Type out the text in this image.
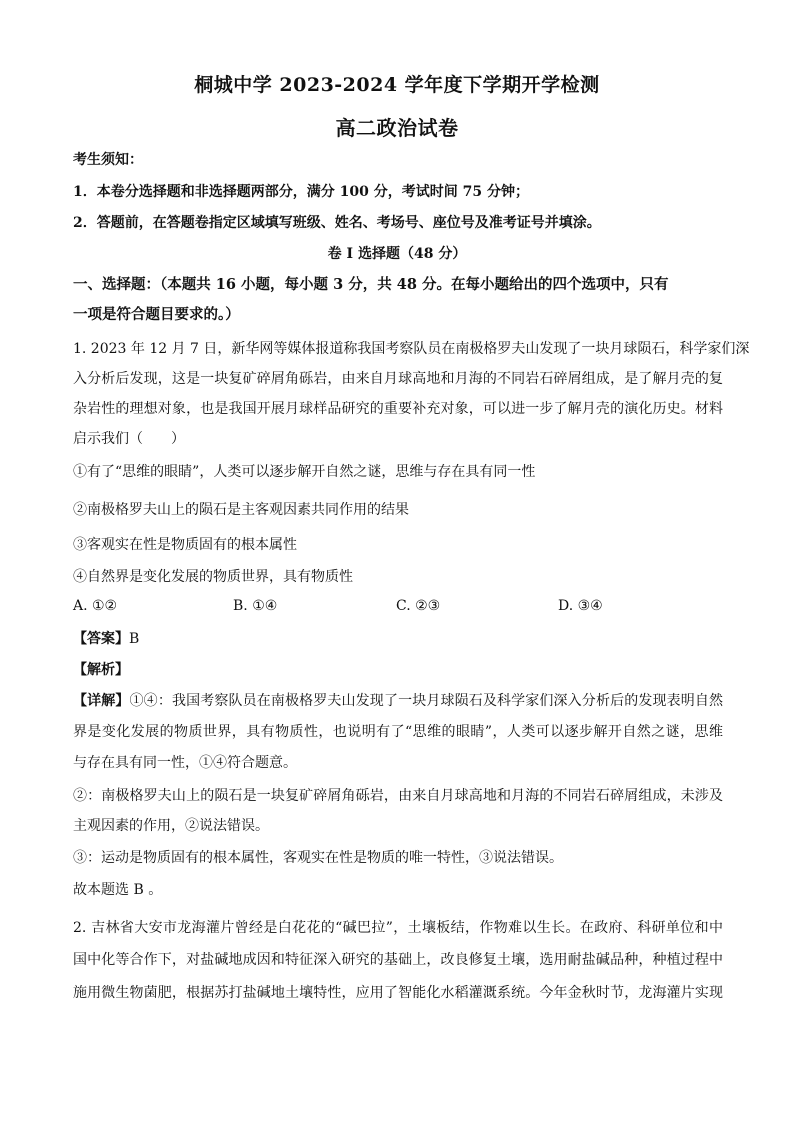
桐城中学 2023-2024 学年度下学期开学检测
高二政治试卷
考生须知：
1．本卷分选择题和非选择题两部分，满分 100 分，考试时间 75 分钟；
2．答题前，在答题卷指定区域填写班级、姓名、考场号、座位号及准考证号并填涂。
卷 I 选择题（48 分）
一、选择题：（本题共 16 小题，每小题 3 分，共 48 分。在每小题给出的四个选项中，只有
一项是符合题目要求的。）
1. 2023 年 12 月 7 日，新华网等媒体报道称我国考察队员在南极格罗夫山发现了一块月球陨石，科学家们深
入分析后发现，这是一块复矿碎屑角砾岩，由来自月球高地和月海的不同岩石碎屑组成，是了解月壳的复
杂岩性的理想对象，也是我国开展月球样品研究的重要补充对象，可以进一步了解月壳的演化历史。材料
启示我们（　　）
①有了“思维的眼睛”，人类可以逐步解开自然之谜，思维与存在具有同一性
②南极格罗夫山上的陨石是主客观因素共同作用的结果
③客观实在性是物质固有的根本属性
④自然界是变化发展的物质世界，具有物质性
A. ①②	B. ①④	C. ②③	D. ③④
【答案】B
【解析】
【详解】①④：我国考察队员在南极格罗夫山发现了一块月球陨石及科学家们深入分析后的发现表明自然
界是变化发展的物质世界，具有物质性，也说明有了“思维的眼睛”，人类可以逐步解开自然之谜，思维
与存在具有同一性，①④符合题意。
②：南极格罗夫山上的陨石是一块复矿碎屑角砾岩，由来自月球高地和月海的不同岩石碎屑组成，未涉及
主观因素的作用，②说法错误。
③：运动是物质固有的根本属性，客观实在性是物质的唯一特性，③说法错误。
故本题选 B 。
2. 吉林省大安市龙海灌片曾经是白花花的“碱巴拉”，土壤板结，作物难以生长。在政府、科研单位和中
国中化等合作下，对盐碱地成因和特征深入研究的基础上，改良修复土壤，选用耐盐碱品种，种植过程中
施用微生物菌肥，根据苏打盐碱地土壤特性，应用了智能化水稻灌溉系统。今年金秋时节，龙海灌片实现
